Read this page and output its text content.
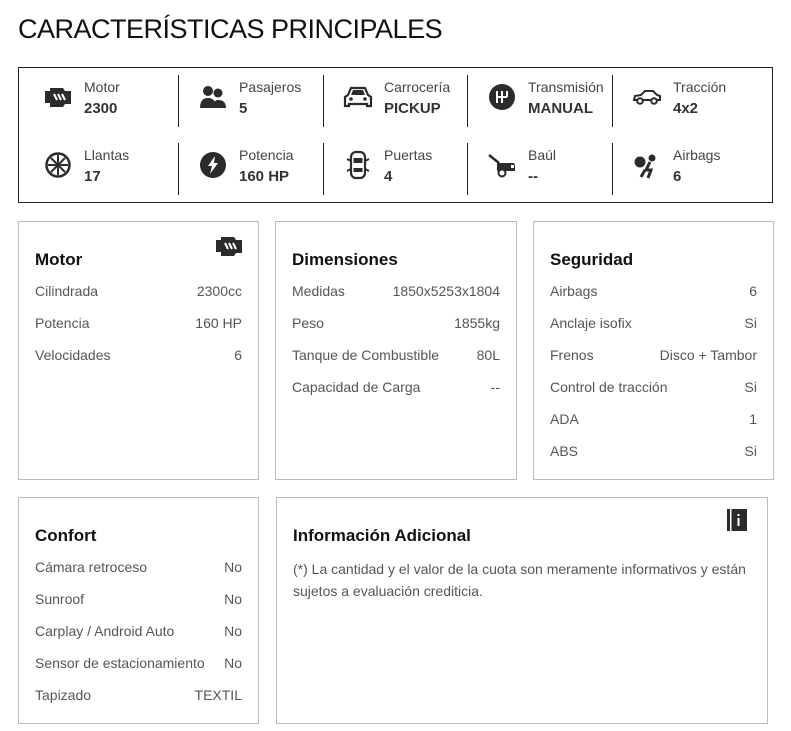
CARACTERÍSTICAS PRINCIPALES
Motor
2300
Pasajeros
5
Carrocería
PICKUP
Transmisión
MANUAL
Tracción
4x2
Llantas
17
Potencia
160 HP
Puertas
4
Baúl
--
Airbags
6
Motor
Cilindrada	2300cc
Potencia	160 HP
Velocidades	6
Dimensiones
Medidas	1850x5253x1804
Peso	1855kg
Tanque de Combustible	80L
Capacidad de Carga	--
Seguridad
Airbags	6
Anclaje isofix	Si
Frenos	Disco + Tambor
Control de tracción	Si
ADA	1
ABS	Si
Confort
Cámara retroceso	No
Sunroof	No
Carplay / Android Auto	No
Sensor de estacionamiento No
Tapizado	TEXTIL
Información Adicional
(*) La cantidad y el valor de la cuota son meramente informativos y están sujetos a evaluación crediticia.
